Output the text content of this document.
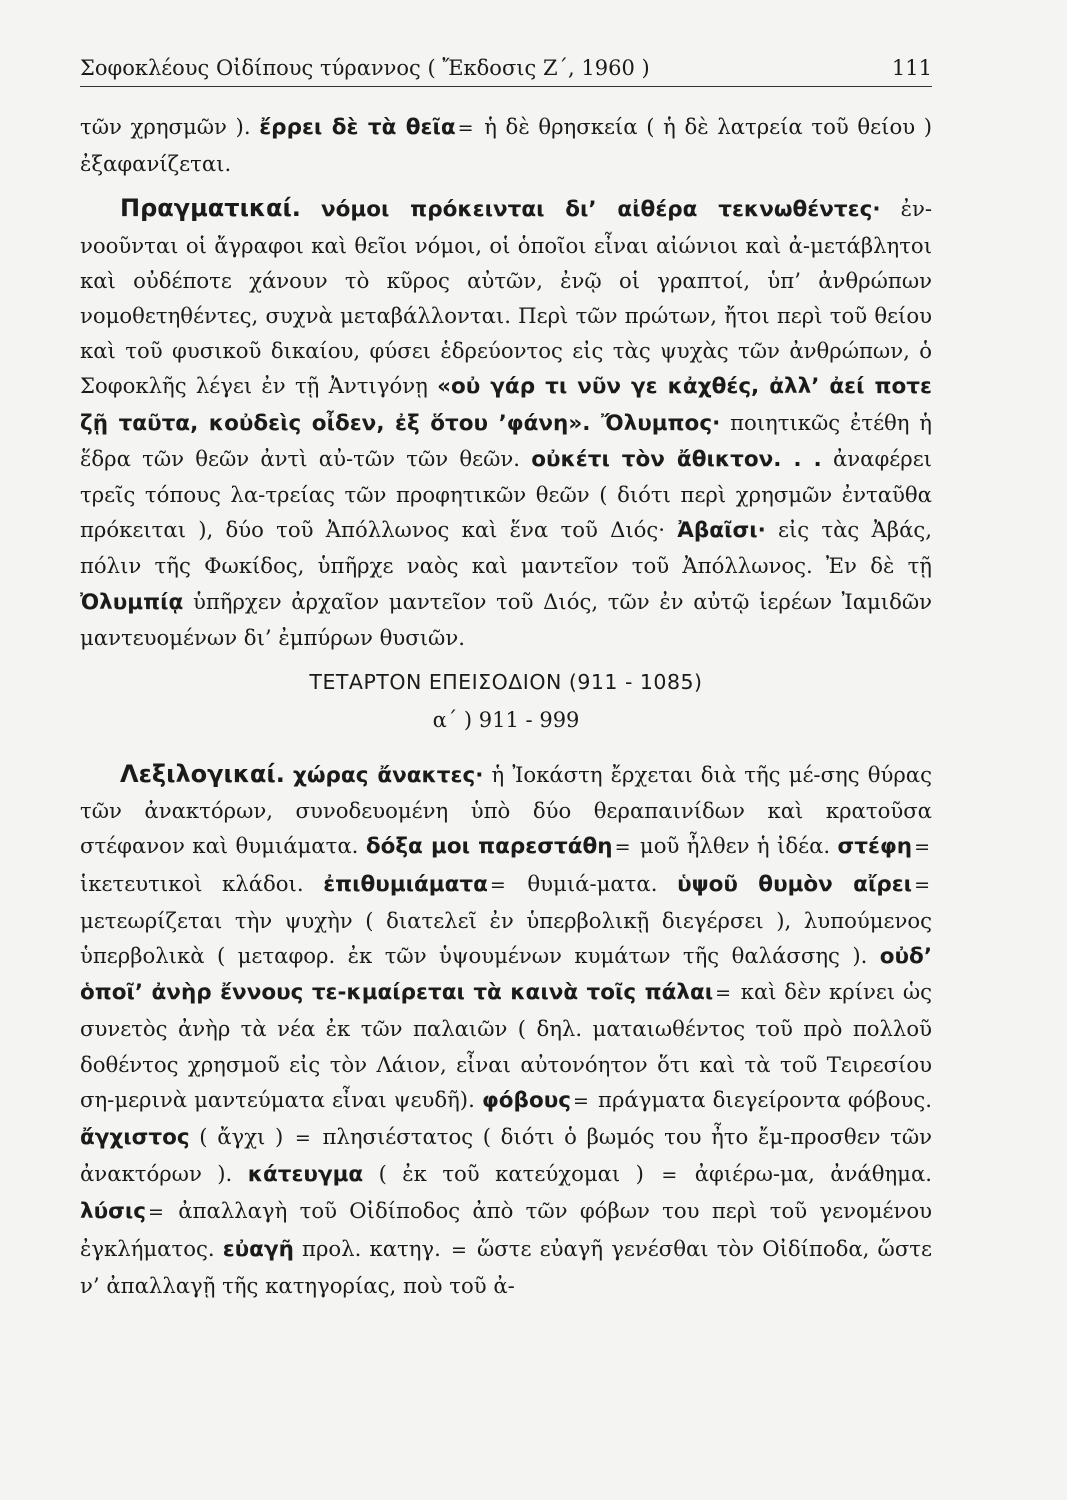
Σοφοκλέους Οἰδίπους τύραννος ( Ἔκδοσις Ζ΄, 1960 )	111

τῶν χρησμῶν ). ἔρρει δὲ τὰ θεῖα = ἡ δὲ θρησκεία ( ἡ δὲ λατρεία τοῦ θείου ) ἐξαφανίζεται.

Πραγματικαί. νόμοι πρόκεινται δι’ αἰθέρα τεκνωθέντες· ἐν-νοοῦνται οἱ ἄγραφοι καὶ θεῖοι νόμοι, οἱ ὁποῖοι εἶναι αἰώνιοι καὶ ἀ-μετάβλητοι καὶ οὐδέποτε χάνουν τὸ κῦρος αὐτῶν, ἐνῷ οἱ γραπτοί, ὑπ’ ἀνθρώπων νομοθετηθέντες, συχνὰ μεταβάλλονται. Περὶ τῶν πρώτων, ἤτοι περὶ τοῦ θείου καὶ τοῦ φυσικοῦ δικαίου, φύσει ἑδρεύοντος εἰς τὰς ψυχὰς τῶν ἀνθρώπων, ὁ Σοφοκλῆς λέγει ἐν τῇ Ἀντιγόνῃ «οὐ γάρ τι νῦν γε κἀχθές, ἀλλ’ ἀεί ποτε ζῇ ταῦτα, κοὐδεὶς οἶδεν, ἐξ ὅτου ’φάνη». Ὄλυμπος· ποιητικῶς ἐτέθη ἡ ἕδρα τῶν θεῶν ἀντὶ αὐ-τῶν τῶν θεῶν. οὐκέτι τὸν ἄθικτον. . . ἀναφέρει τρεῖς τόπους λα-τρείας τῶν προφητικῶν θεῶν ( διότι περὶ χρησμῶν ἐνταῦθα πρόκειται ), δύο τοῦ Ἀπόλλωνος καὶ ἕνα τοῦ Διός· Ἀβαῖσι· εἰς τὰς Ἀβάς, πόλιν τῆς Φωκίδος, ὑπῆρχε ναὸς καὶ μαντεῖον τοῦ Ἀπόλλωνος. Ἐν δὲ τῇ Ὀλυμπίᾳ ὑπῆρχεν ἀρχαῖον μαντεῖον τοῦ Διός, τῶν ἐν αὐτῷ ἱερέων Ἰαμιδῶν μαντευομένων δι’ ἐμπύρων θυσιῶν.

ΤΕΤΑΡΤΟΝ ΕΠΕΙΣΟΔΙΟΝ (911 - 1085)
α΄ ) 911 - 999

Λεξιλογικαί. χώρας ἄνακτες· ἡ Ἰοκάστη ἔρχεται διὰ τῆς μέ-σης θύρας τῶν ἀνακτόρων, συνοδευομένη ὑπὸ δύο θεραπαινίδων καὶ κρατοῦσα στέφανον καὶ θυμιάματα. δόξα μοι παρεστάθη = μοῦ ἦλθεν ἡ ἰδέα. στέφη = ἱκετευτικοὶ κλάδοι. ἐπιθυμιάματα = θυμιά-ματα. ὑψοῦ θυμὸν αἴρει = μετεωρίζεται τὴν ψυχὴν ( διατελεῖ ἐν ὑπερβολικῇ διεγέρσει ), λυπούμενος ὑπερβολικὰ ( μεταφορ. ἐκ τῶν ὑψουμένων κυμάτων τῆς θαλάσσης ). οὐδ’ ὁποῖ’ ἀνὴρ ἔννους τε-κμαίρεται τὰ καινὰ τοῖς πάλαι = καὶ δὲν κρίνει ὡς συνετὸς ἀνὴρ τὰ νέα ἐκ τῶν παλαιῶν ( δηλ. ματαιωθέντος τοῦ πρὸ πολλοῦ δοθέντος χρησμοῦ εἰς τὸν Λάιον, εἶναι αὐτονόητον ὅτι καὶ τὰ τοῦ Τειρεσίου ση-μερινὰ μαντεύματα εἶναι ψευδῆ). φόβους = πράγματα διεγείροντα φόβους. ἄγχιστος ( ἄγχι ) = πλησιέστατος ( διότι ὁ βωμός του ἦτο ἔμ-προσθεν τῶν ἀνακτόρων ). κάτευγμα ( ἐκ τοῦ κατεύχομαι ) = ἀφιέρω-μα, ἀνάθημα. λύσις = ἀπαλλαγὴ τοῦ Οἰδίποδος ἀπὸ τῶν φόβων του περὶ τοῦ γενομένου ἐγκλήματος. εὐαγῆ προλ. κατηγ. = ὥστε εὐαγῆ γενέσθαι τὸν Οἰδίποδα, ὥστε ν’ ἀπαλλαγῇ τῆς κατηγορίας, ποὺ τοῦ ἀ-
